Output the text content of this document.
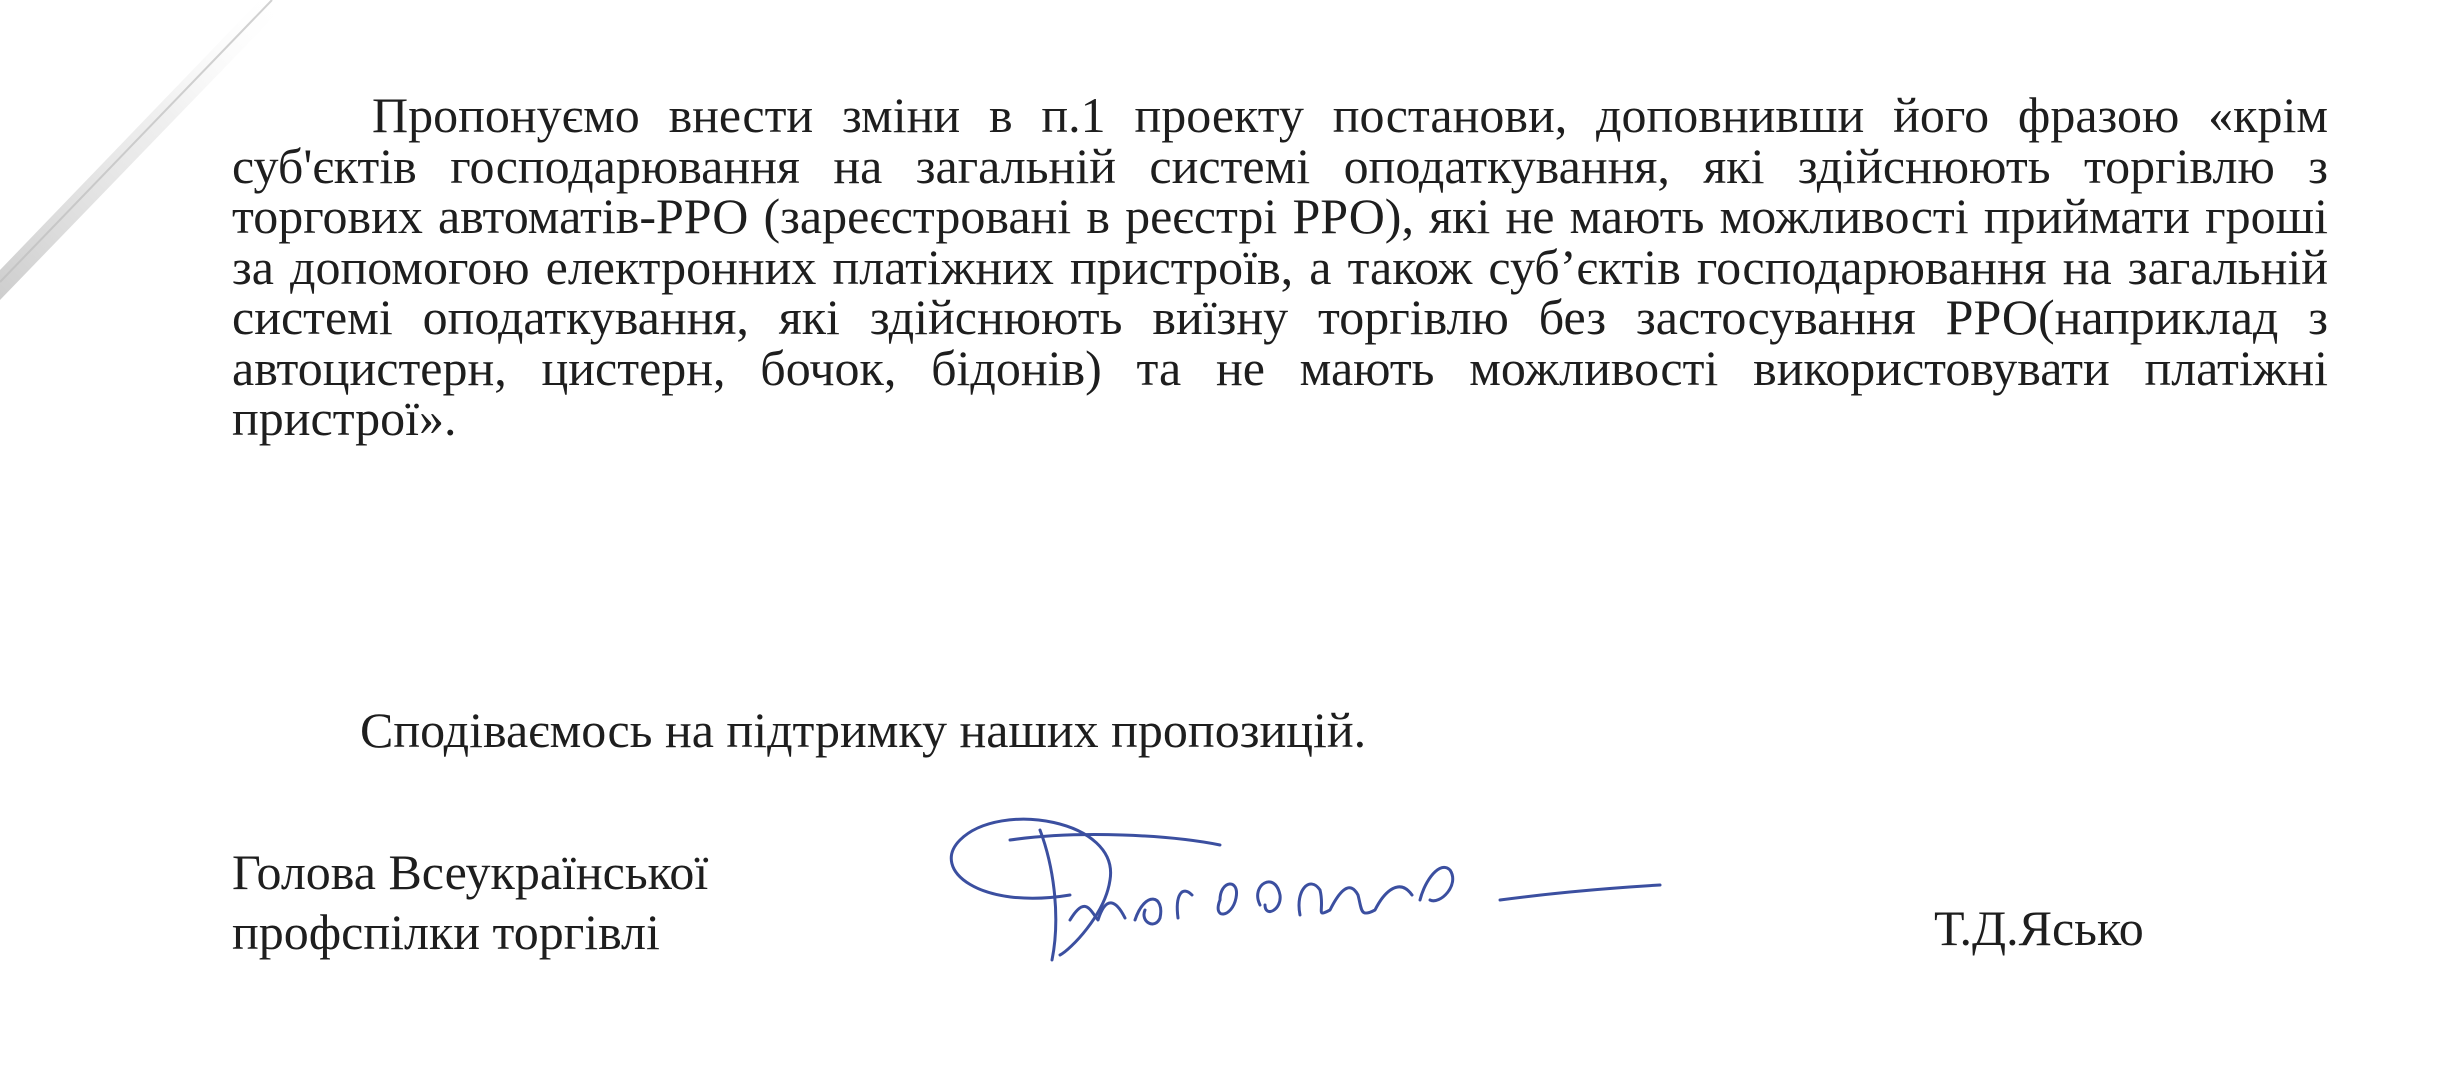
Пропонуємо внести зміни в п.1 проекту постанови, доповнивши його фразою «крім суб'єктів господарювання на загальній системі оподаткування, які здійснюють торгівлю з торгових автоматів-РРО (зареєстровані в реєстрі РРО), які не мають можливості приймати гроші за допомогою електронних платіжних пристроїв, а також суб’єктів господарювання на загальній системі оподаткування, які здійснюють виїзну торгівлю без застосування РРО(наприклад з автоцистерн, цистерн, бочок, бідонів) та не мають можливості використовувати платіжні пристрої».

Сподіваємось на підтримку наших пропозицій.

Голова Всеукраїнської
профспілки торгівлі	Т.Д.Ясько
